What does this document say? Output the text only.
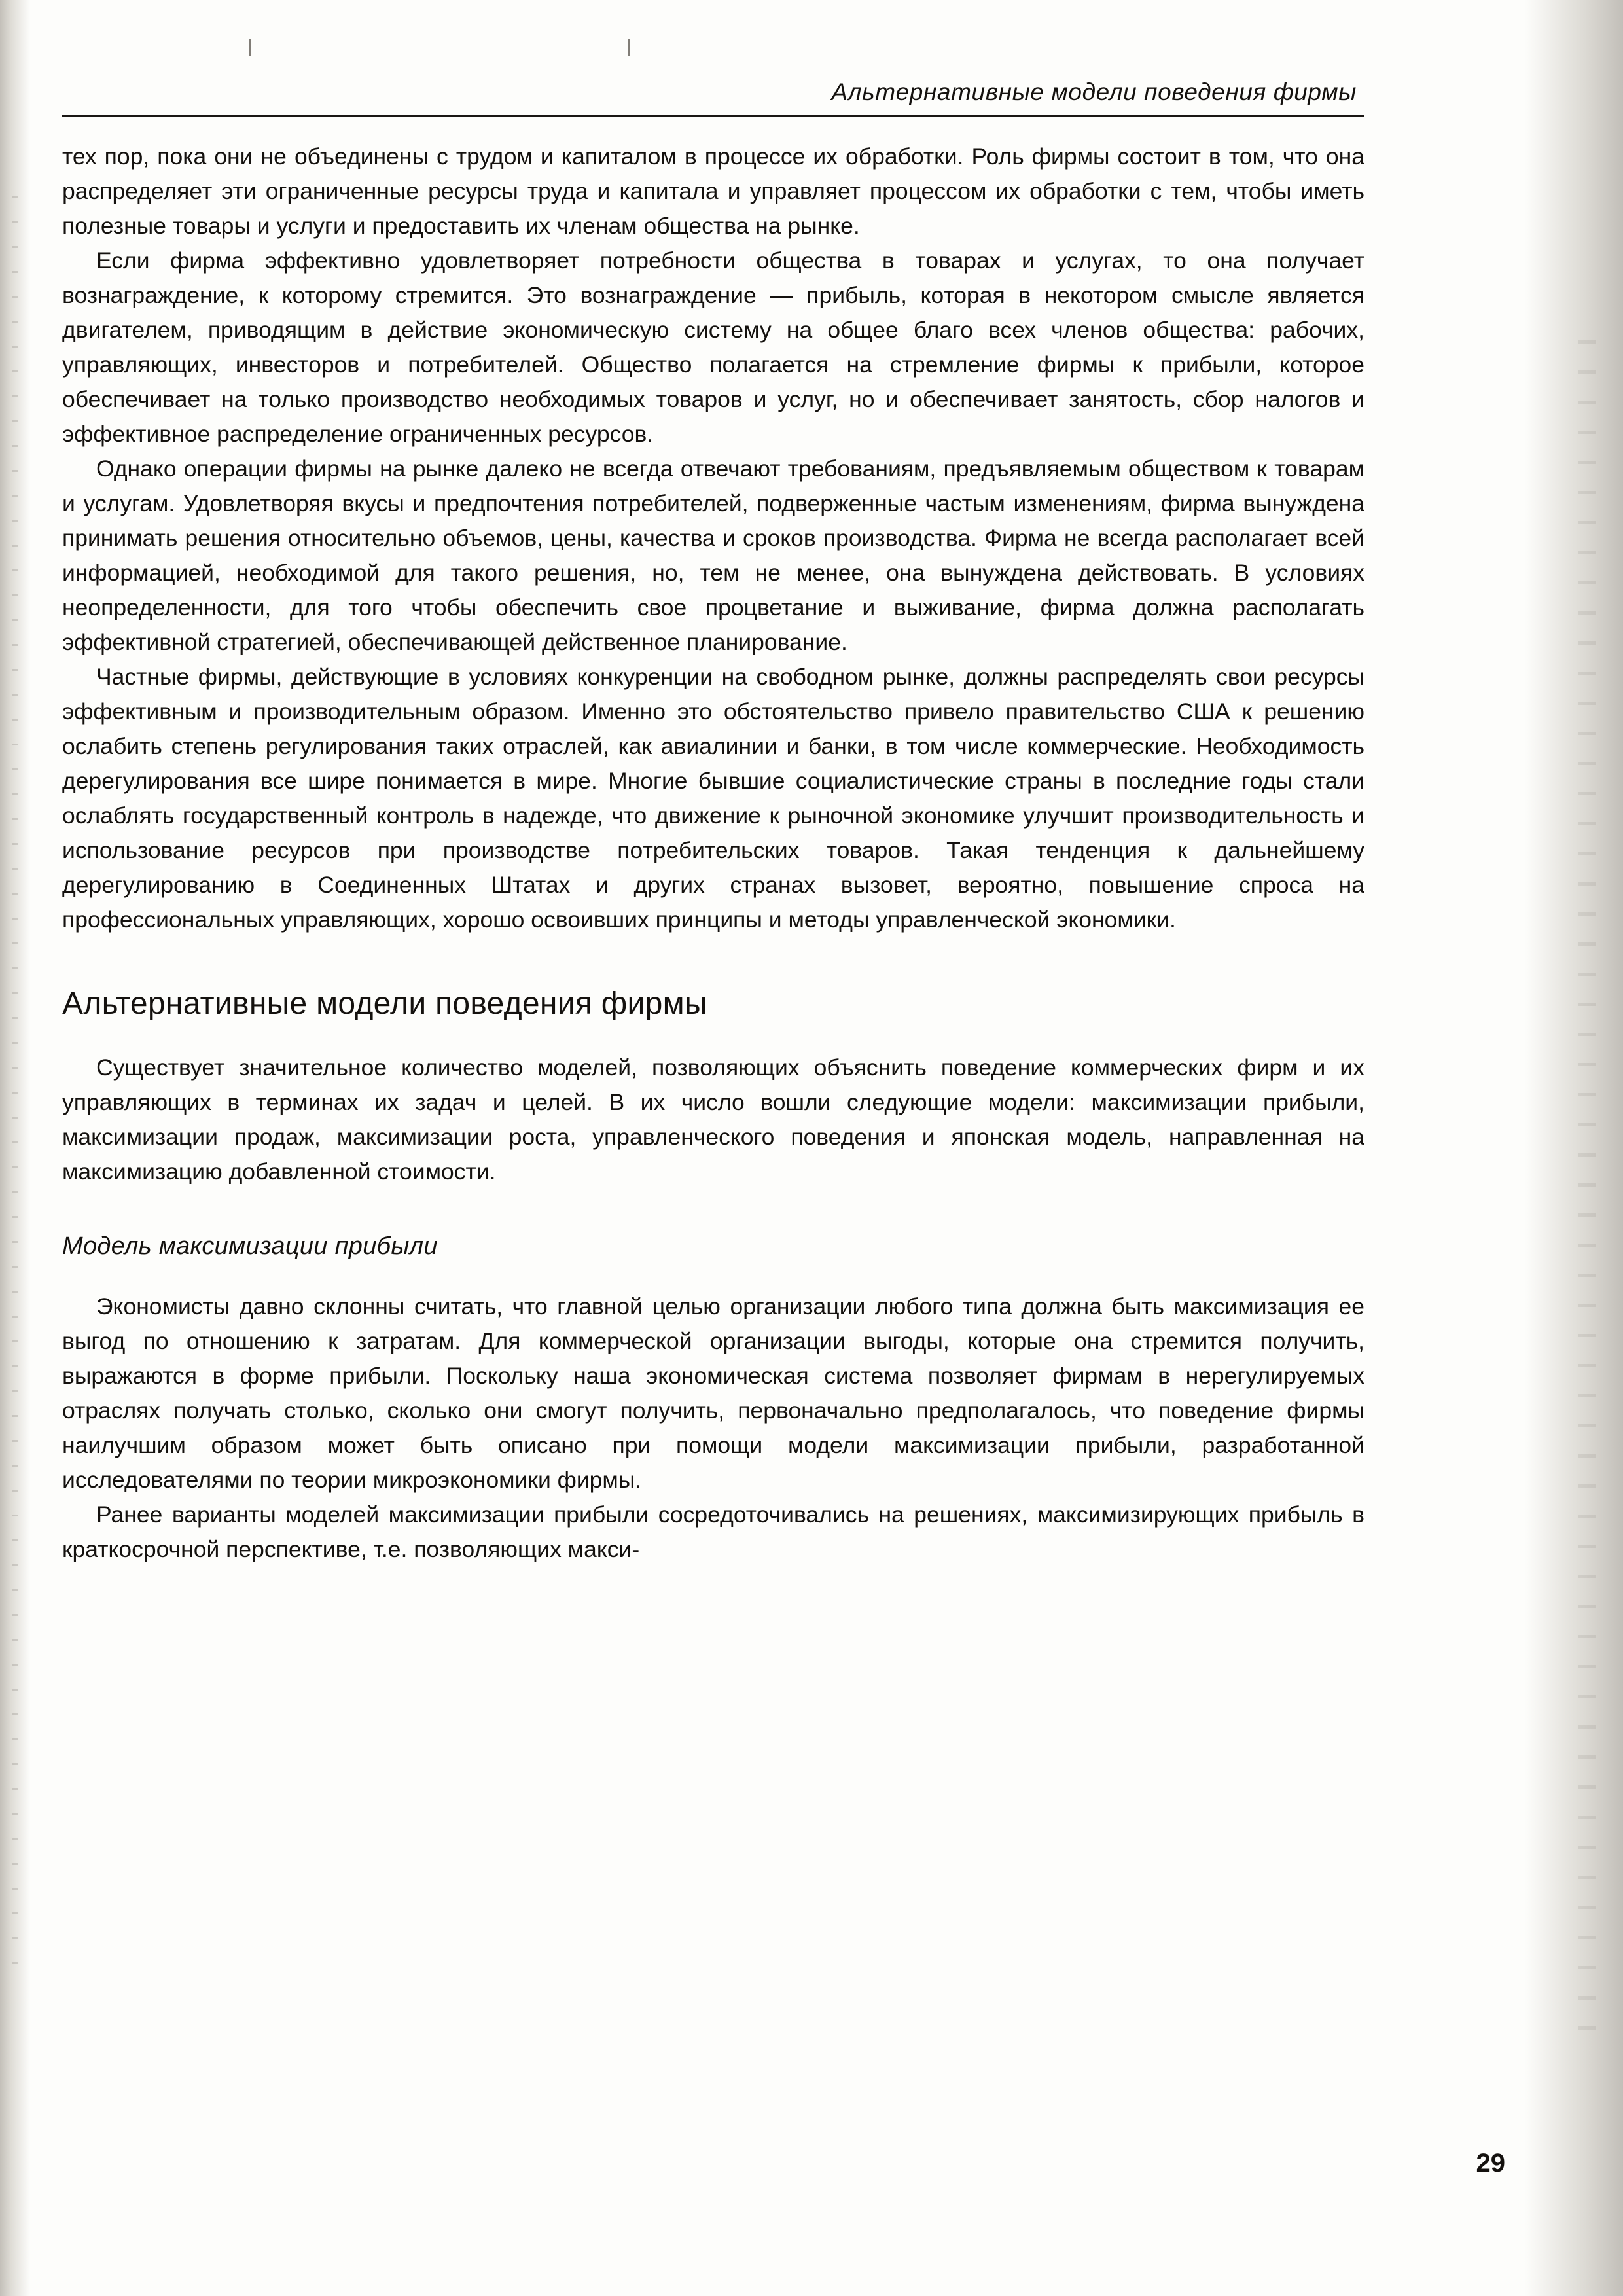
Альтернативные модели поведения фирмы

тех пор, пока они не объединены с трудом и капиталом в процессе их обработки. Роль фирмы состоит в том, что она распределяет эти ограниченные ресурсы труда и капитала и управляет процессом их обработки с тем, чтобы иметь полезные товары и услуги и предоставить их членам общества на рынке.

Если фирма эффективно удовлетворяет потребности общества в товарах и услугах, то она получает вознаграждение, к которому стремится. Это вознаграждение — прибыль, которая в некотором смысле является двигателем, приводящим в действие экономическую систему на общее благо всех членов общества: рабочих, управляющих, инвесторов и потребителей. Общество полагается на стремление фирмы к прибыли, которое обеспечивает на только производство необходимых товаров и услуг, но и обеспечивает занятость, сбор налогов и эффективное распределение ограниченных ресурсов.

Однако операции фирмы на рынке далеко не всегда отвечают требованиям, предъявляемым обществом к товарам и услугам. Удовлетворяя вкусы и предпочтения потребителей, подверженные частым изменениям, фирма вынуждена принимать решения относительно объемов, цены, качества и сроков производства. Фирма не всегда располагает всей информацией, необходимой для такого решения, но, тем не менее, она вынуждена действовать. В условиях неопределенности, для того чтобы обеспечить свое процветание и выживание, фирма должна располагать эффективной стратегией, обеспечивающей действенное планирование.

Частные фирмы, действующие в условиях конкуренции на свободном рынке, должны распределять свои ресурсы эффективным и производительным образом. Именно это обстоятельство привело правительство США к решению ослабить степень регулирования таких отраслей, как авиалинии и банки, в том числе коммерческие. Необходимость дерегулирования все шире понимается в мире. Многие бывшие социалистические страны в последние годы стали ослаблять государственный контроль в надежде, что движение к рыночной экономике улучшит производительность и использование ресурсов при производстве потребительских товаров. Такая тенденция к дальнейшему дерегулированию в Соединенных Штатах и других странах вызовет, вероятно, повышение спроса на профессиональных управляющих, хорошо освоивших принципы и методы управленческой экономики.

Альтернативные модели поведения фирмы

Существует значительное количество моделей, позволяющих объяснить поведение коммерческих фирм и их управляющих в терминах их задач и целей. В их число вошли следующие модели: максимизации прибыли, максимизации продаж, максимизации роста, управленческого поведения и японская модель, направленная на максимизацию добавленной стоимости.

Модель максимизации прибыли

Экономисты давно склонны считать, что главной целью организации любого типа должна быть максимизация ее выгод по отношению к затратам. Для коммерческой организации выгоды, которые она стремится получить, выражаются в форме прибыли. Поскольку наша экономическая система позволяет фирмам в нерегулируемых отраслях получать столько, сколько они смогут получить, первоначально предполагалось, что поведение фирмы наилучшим образом может быть описано при помощи модели максимизации прибыли, разработанной исследователями по теории микроэкономики фирмы.

Ранее варианты моделей максимизации прибыли сосредоточивались на решениях, максимизирующих прибыль в краткосрочной перспективе, т.е. позволяющих макси-

29
